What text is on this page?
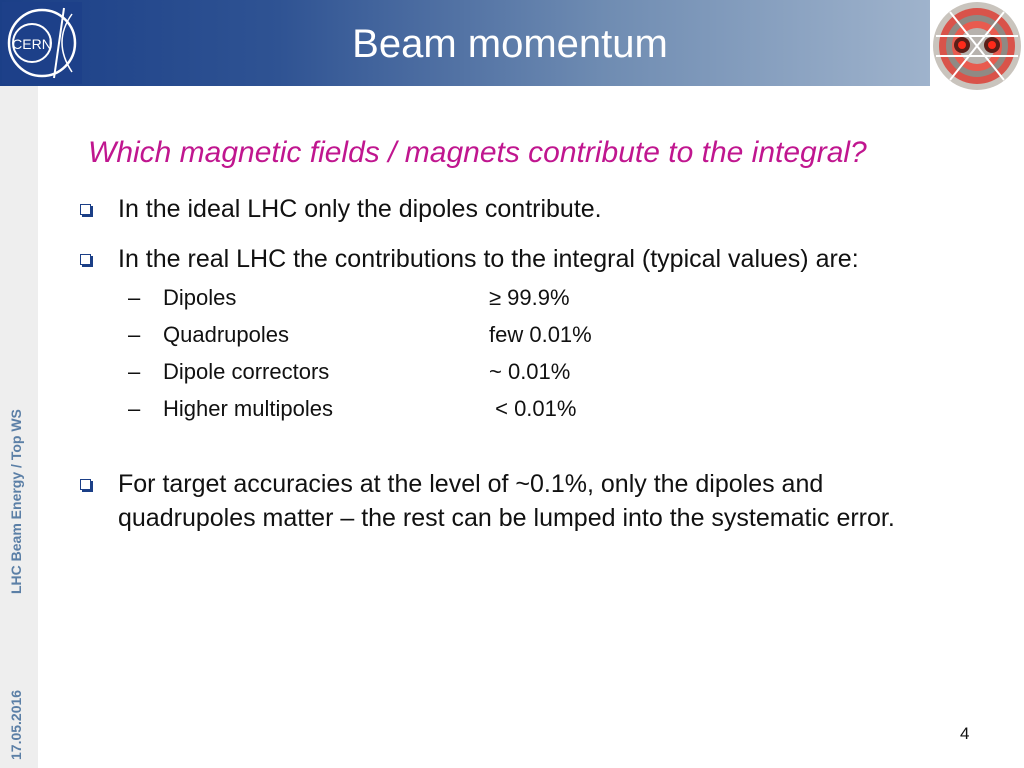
CERN	Beam momentum
LHC Beam Energy / Top WS
17.05.2016
Which magnetic fields / magnets contribute to the integral?
In the ideal LHC only the dipoles contribute.
In the real LHC the contributions to the integral (typical values) are:
– Dipoles	≥ 99.9%
– Quadrupoles	few 0.01%
– Dipole correctors	~ 0.01%
– Higher multipoles	< 0.01%
For target accuracies at the level of ~0.1%, only the dipoles and quadrupoles matter – the rest can be lumped into the systematic error.
4
